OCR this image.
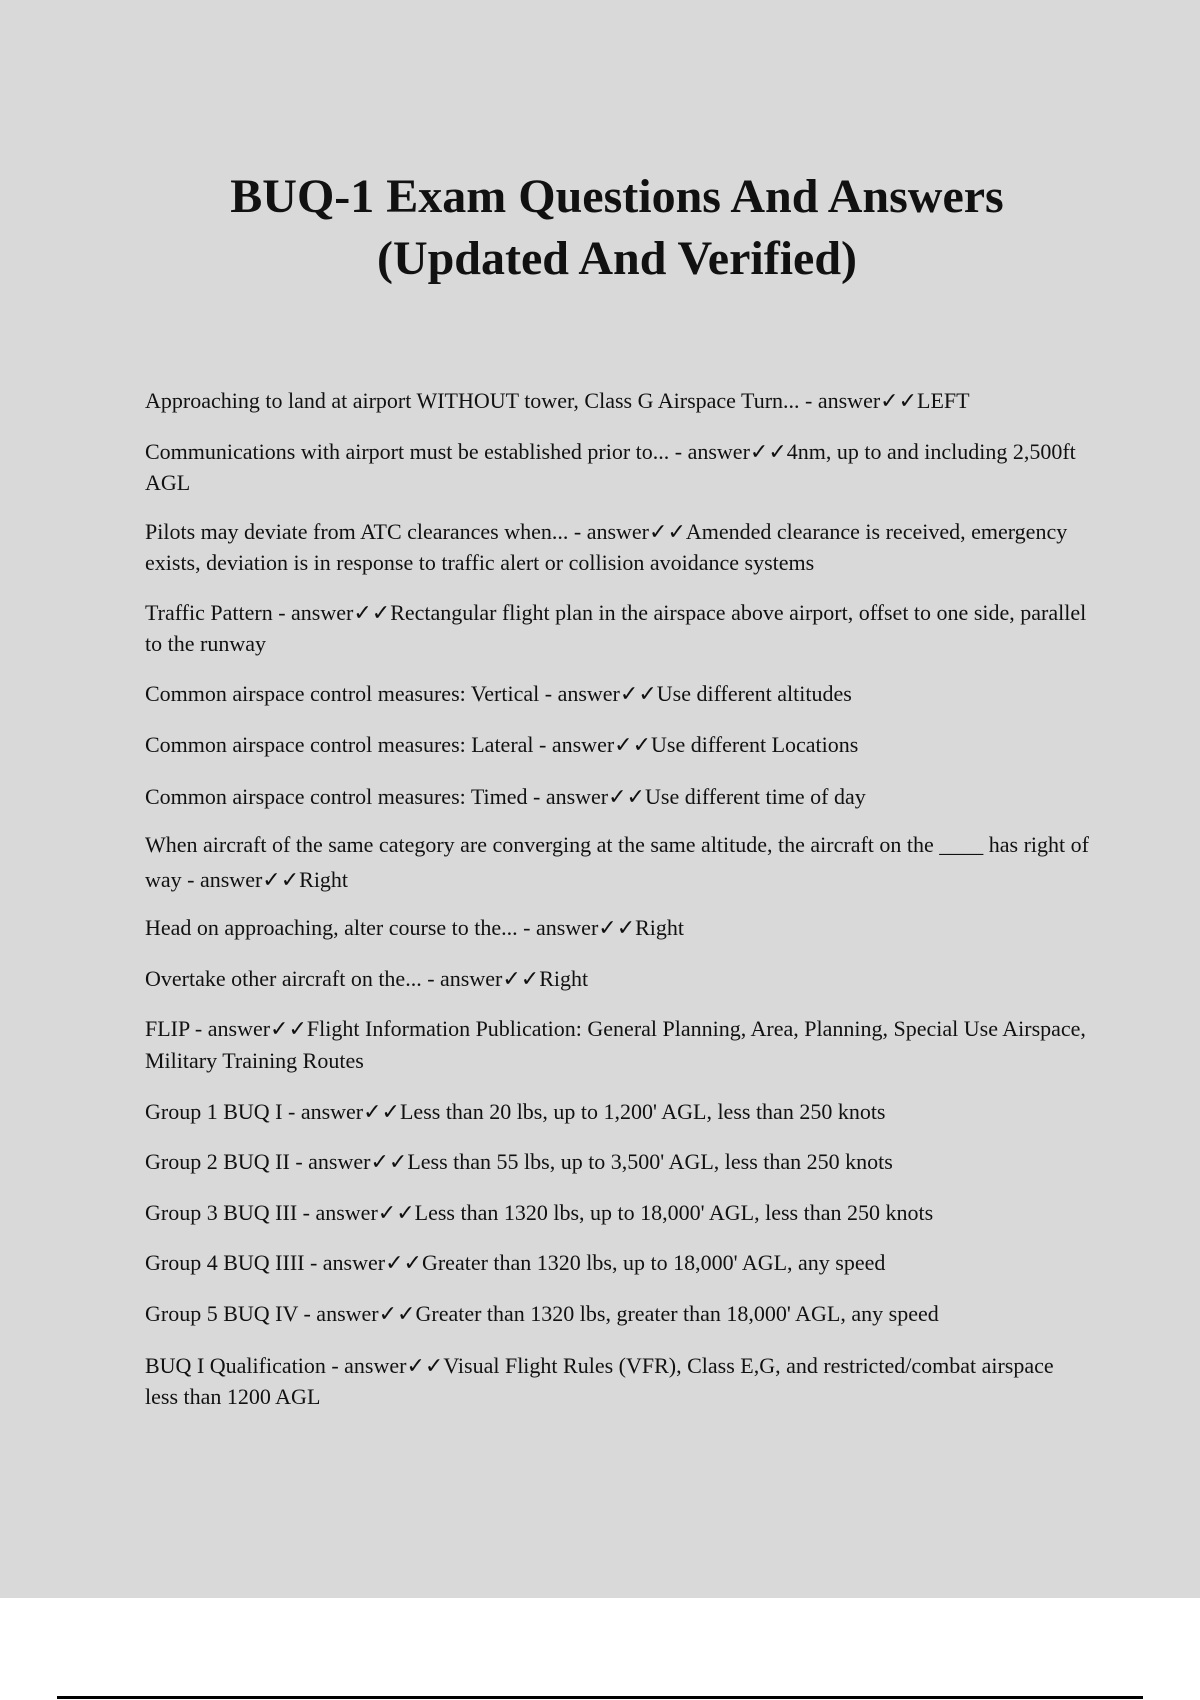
BUQ-1 Exam Questions And Answers
(Updated And Verified)

Approaching to land at airport WITHOUT tower, Class G Airspace Turn... - answer✓✓LEFT

Communications with airport must be established prior to... - answer✓✓4nm, up to and including 2,500ft AGL

Pilots may deviate from ATC clearances when... - answer✓✓Amended clearance is received, emergency exists, deviation is in response to traffic alert or collision avoidance systems

Traffic Pattern - answer✓✓Rectangular flight plan in the airspace above airport, offset to one side, parallel to the runway

Common airspace control measures: Vertical - answer✓✓Use different altitudes

Common airspace control measures: Lateral - answer✓✓Use different Locations

Common airspace control measures: Timed - answer✓✓Use different time of day

When aircraft of the same category are converging at the same altitude, the aircraft on the ____ has right of way - answer✓✓Right

Head on approaching, alter course to the... - answer✓✓Right

Overtake other aircraft on the... - answer✓✓Right

FLIP - answer✓✓Flight Information Publication: General Planning, Area, Planning, Special Use Airspace, Military Training Routes

Group 1 BUQ I - answer✓✓Less than 20 lbs, up to 1,200' AGL, less than 250 knots

Group 2 BUQ II - answer✓✓Less than 55 lbs, up to 3,500' AGL, less than 250 knots

Group 3 BUQ III - answer✓✓Less than 1320 lbs, up to 18,000' AGL, less than 250 knots

Group 4 BUQ IIII - answer✓✓Greater than 1320 lbs, up to 18,000' AGL, any speed

Group 5 BUQ IV - answer✓✓Greater than 1320 lbs, greater than 18,000' AGL, any speed

BUQ I Qualification - answer✓✓Visual Flight Rules (VFR), Class E,G, and restricted/combat airspace less than 1200 AGL
